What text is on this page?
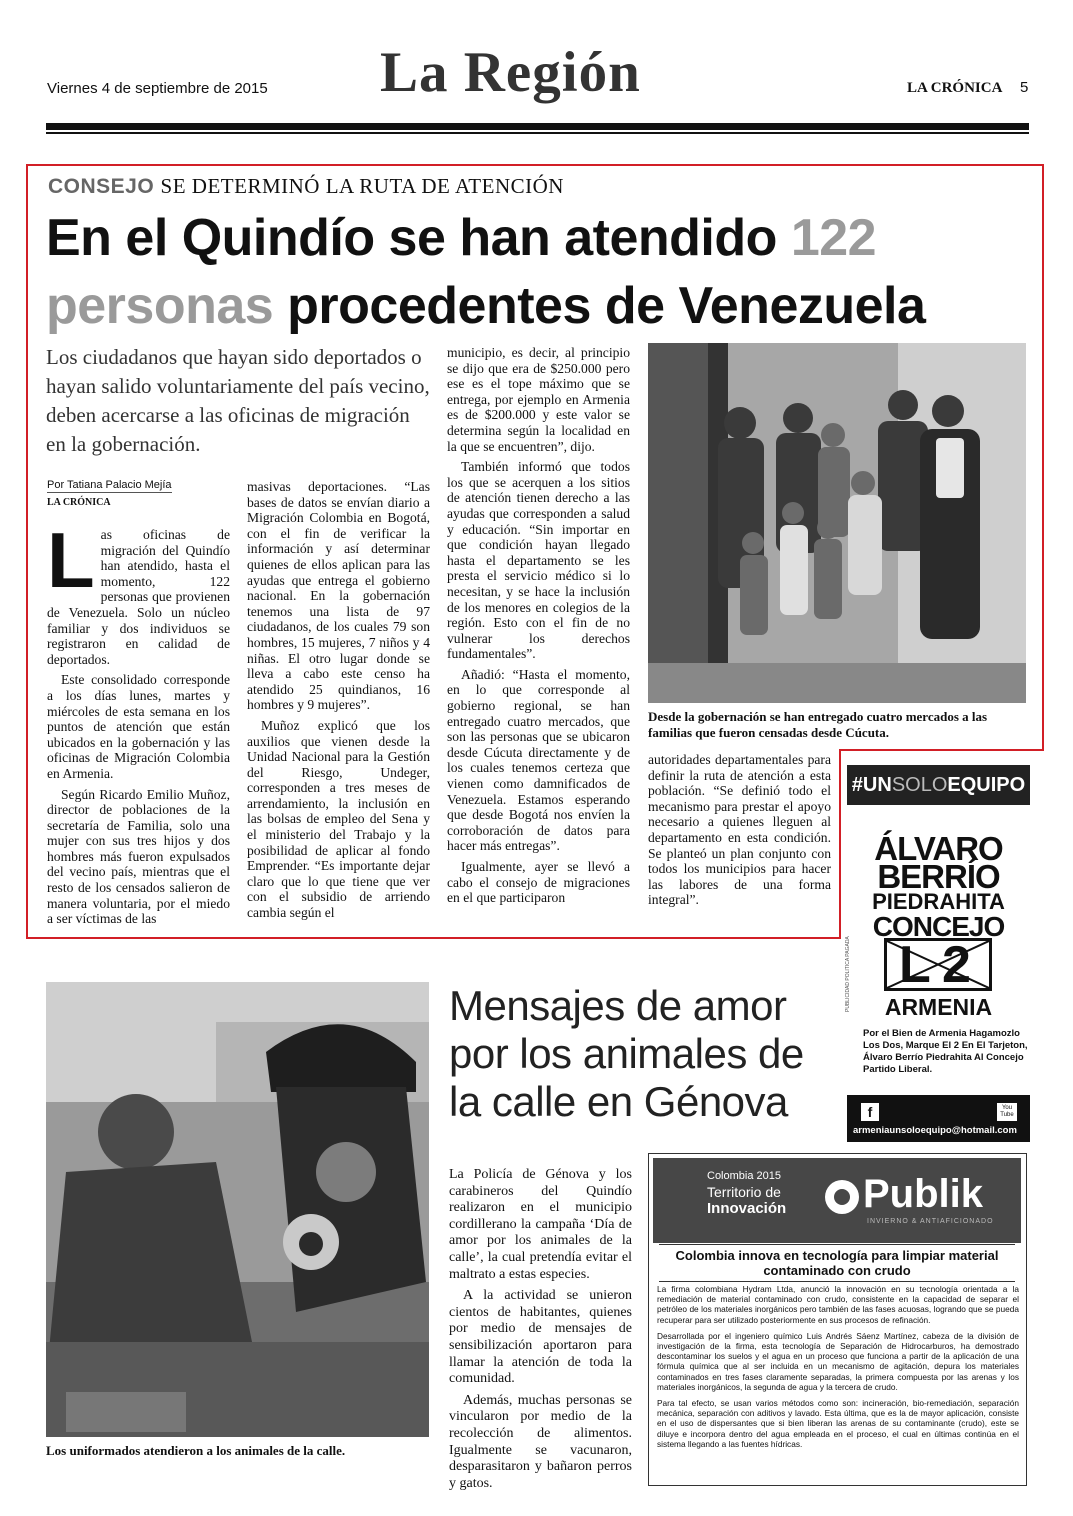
Viernes 4 de septiembre de 2015 La Región	LA CRÓNICA 5
CONSEJO SE DETERMINÓ LA RUTA DE ATENCIÓN
En el Quindío se han atendido 122
personas procedentes de Venezuela
Los ciudadanos que hayan sido deportados o hayan salido voluntariamente del país vecino, deben acercarse a las oficinas de migración en la gobernación.
Por Tatiana Palacio Mejía
LA CRÓNICA
L as oficinas de migración del Quindío han atendido, hasta el momento, 122 personas que provienen de Venezuela. Solo un núcleo familiar y dos individuos se registraron en calidad de deportados.

Este consolidado corresponde a los días lunes, martes y miércoles de esta semana en los puntos de atención que están ubicados en la gobernación y las oficinas de Migración Colombia en Armenia.

Según Ricardo Emilio Muñoz, director de poblaciones de la secretaría de Familia, solo una mujer con sus tres hijos y dos hombres más fueron expulsados del vecino país, mientras que el resto de los censados salieron de manera voluntaria, por el miedo a ser víctimas de las

masivas deportaciones. “Las bases de datos se envían diario a Migración Colombia en Bogotá, con el fin de verificar la información y así determinar quienes de ellos aplican para las ayudas que entrega el gobierno nacional. En la gobernación tenemos una lista de 97 ciudadanos, de los cuales 79 son hombres, 15 mujeres, 7 niños y 4 niñas. El otro lugar donde se lleva a cabo este censo ha atendido 25 quindianos, 16 hombres y 9 mujeres”.

Muñoz explicó que los auxilios que vienen desde la Unidad Nacional para la Gestión del Riesgo, Undeger, corresponden a tres meses de arrendamiento, la inclusión en las bolsas de empleo del Sena y el ministerio del Trabajo y la posibilidad de aplicar al fondo Emprender. “Es importante dejar claro que lo que tiene que ver con el subsidio de arriendo cambia según el

municipio, es decir, al principio se dijo que era de $250.000 pero ese es el tope máximo que se entrega, por ejemplo en Armenia es de $200.000 y este valor se determina según la localidad en la que se encuentren”, dijo.

También informó que todos los que se acerquen a los sitios de atención tienen derecho a las ayudas que corresponden a salud y educación. “Sin importar en que condición hayan llegado hasta el departamento se les presta el servicio médico si lo necesitan, y se hace la inclusión de los menores en colegios de la región. Esto con el fin de no vulnerar los derechos fundamentales”.

Añadió: “Hasta el momento, en lo que corresponde al gobierno regional, se han entregado cuatro mercados, que son las personas que se ubicaron desde Cúcuta directamente y de los cuales tenemos certeza que vienen como damnificados de Venezuela. Estamos esperando que desde Bogotá nos envíen la corroboración de datos para hacer más entregas”.

Igualmente, ayer se llevó a cabo el consejo de migraciones en el que participaron

Desde la gobernación se han entregado cuatro mercados a las familias que fueron censadas desde Cúcuta.

autoridades departamentales para definir la ruta de atención a esta población. “Se definió todo el mecanismo para prestar el apoyo necesario a quienes lleguen al departamento en esta condición. Se planteó un plan conjunto con todos los municipios para hacer las labores de una forma integral”.

#UNSOLOEQUIPO
ÁLVARO
BERRÍO
PIEDRAHITA
CONCEJO
L 2
ARMENIA
Por el Bien de Armenia Hagamozlo Los Dos, Marque El 2 En El Tarjeton, Álvaro Berrío Piedrahita Al Concejo Partido Liberal.
PUBLICIDAD POLITICA PAGADA
f	You Tube
armeniaunsoloequipo@hotmail.com
Los uniformados atendieron a los animales de la calle.
Mensajes de amor por los animales de la calle en Génova

La Policía de Génova y los carabineros del Quindío realizaron en el municipio cordillerano la campaña ‘Día de amor por los animales de la calle’, la cual pretendía evitar el maltrato a estas especies.

A la actividad se unieron cientos de habitantes, quienes por medio de mensajes de sensibilización aportaron para llamar la atención de toda la comunidad.

Además, muchas personas se vincularon por medio de la recolección de alimentos. Igualmente se vacunaron, desparasitaron y bañaron perros y gatos.

Colombia 2015
Territorio de
Innovación Publik
INVIERNO & ANTIAFICIONADO
Colombia innova en tecnología para limpiar material contaminado con crudo

La firma colombiana Hydram Ltda, anunció la innovación en su tecnología orientada a la remediación de material contaminado con crudo, consistente en la capacidad de separar el petróleo de los materiales inorgánicos pero también de las fases acuosas, logrando que se pueda recuperar para ser utilizado posteriormente en sus procesos de refinación.

Desarrollada por el ingeniero químico Luis Andrés Sáenz Martínez, cabeza de la división de investigación de la firma, esta tecnología de Separación de Hidrocarburos, ha demostrado descontaminar los suelos y el agua en un proceso que funciona a partir de la aplicación de una fórmula química que al ser incluida en un mecanismo de agitación, depura los materiales contaminados en tres fases claramente separadas, la primera compuesta por las arenas y los materiales inorgánicos, la segunda de agua y la tercera de crudo.

Para tal efecto, se usan varios métodos como son: incineración, bio-remediación, separación mecánica, separación con aditivos y lavado. Esta última, que es la de mayor aplicación, consiste en el uso de dispersantes que si bien liberan las arenas de su contaminante (crudo), este se diluye e incorpora dentro del agua empleada en el proceso, el cual en últimas continúa en el sistema llegando a las fuentes hídricas.
